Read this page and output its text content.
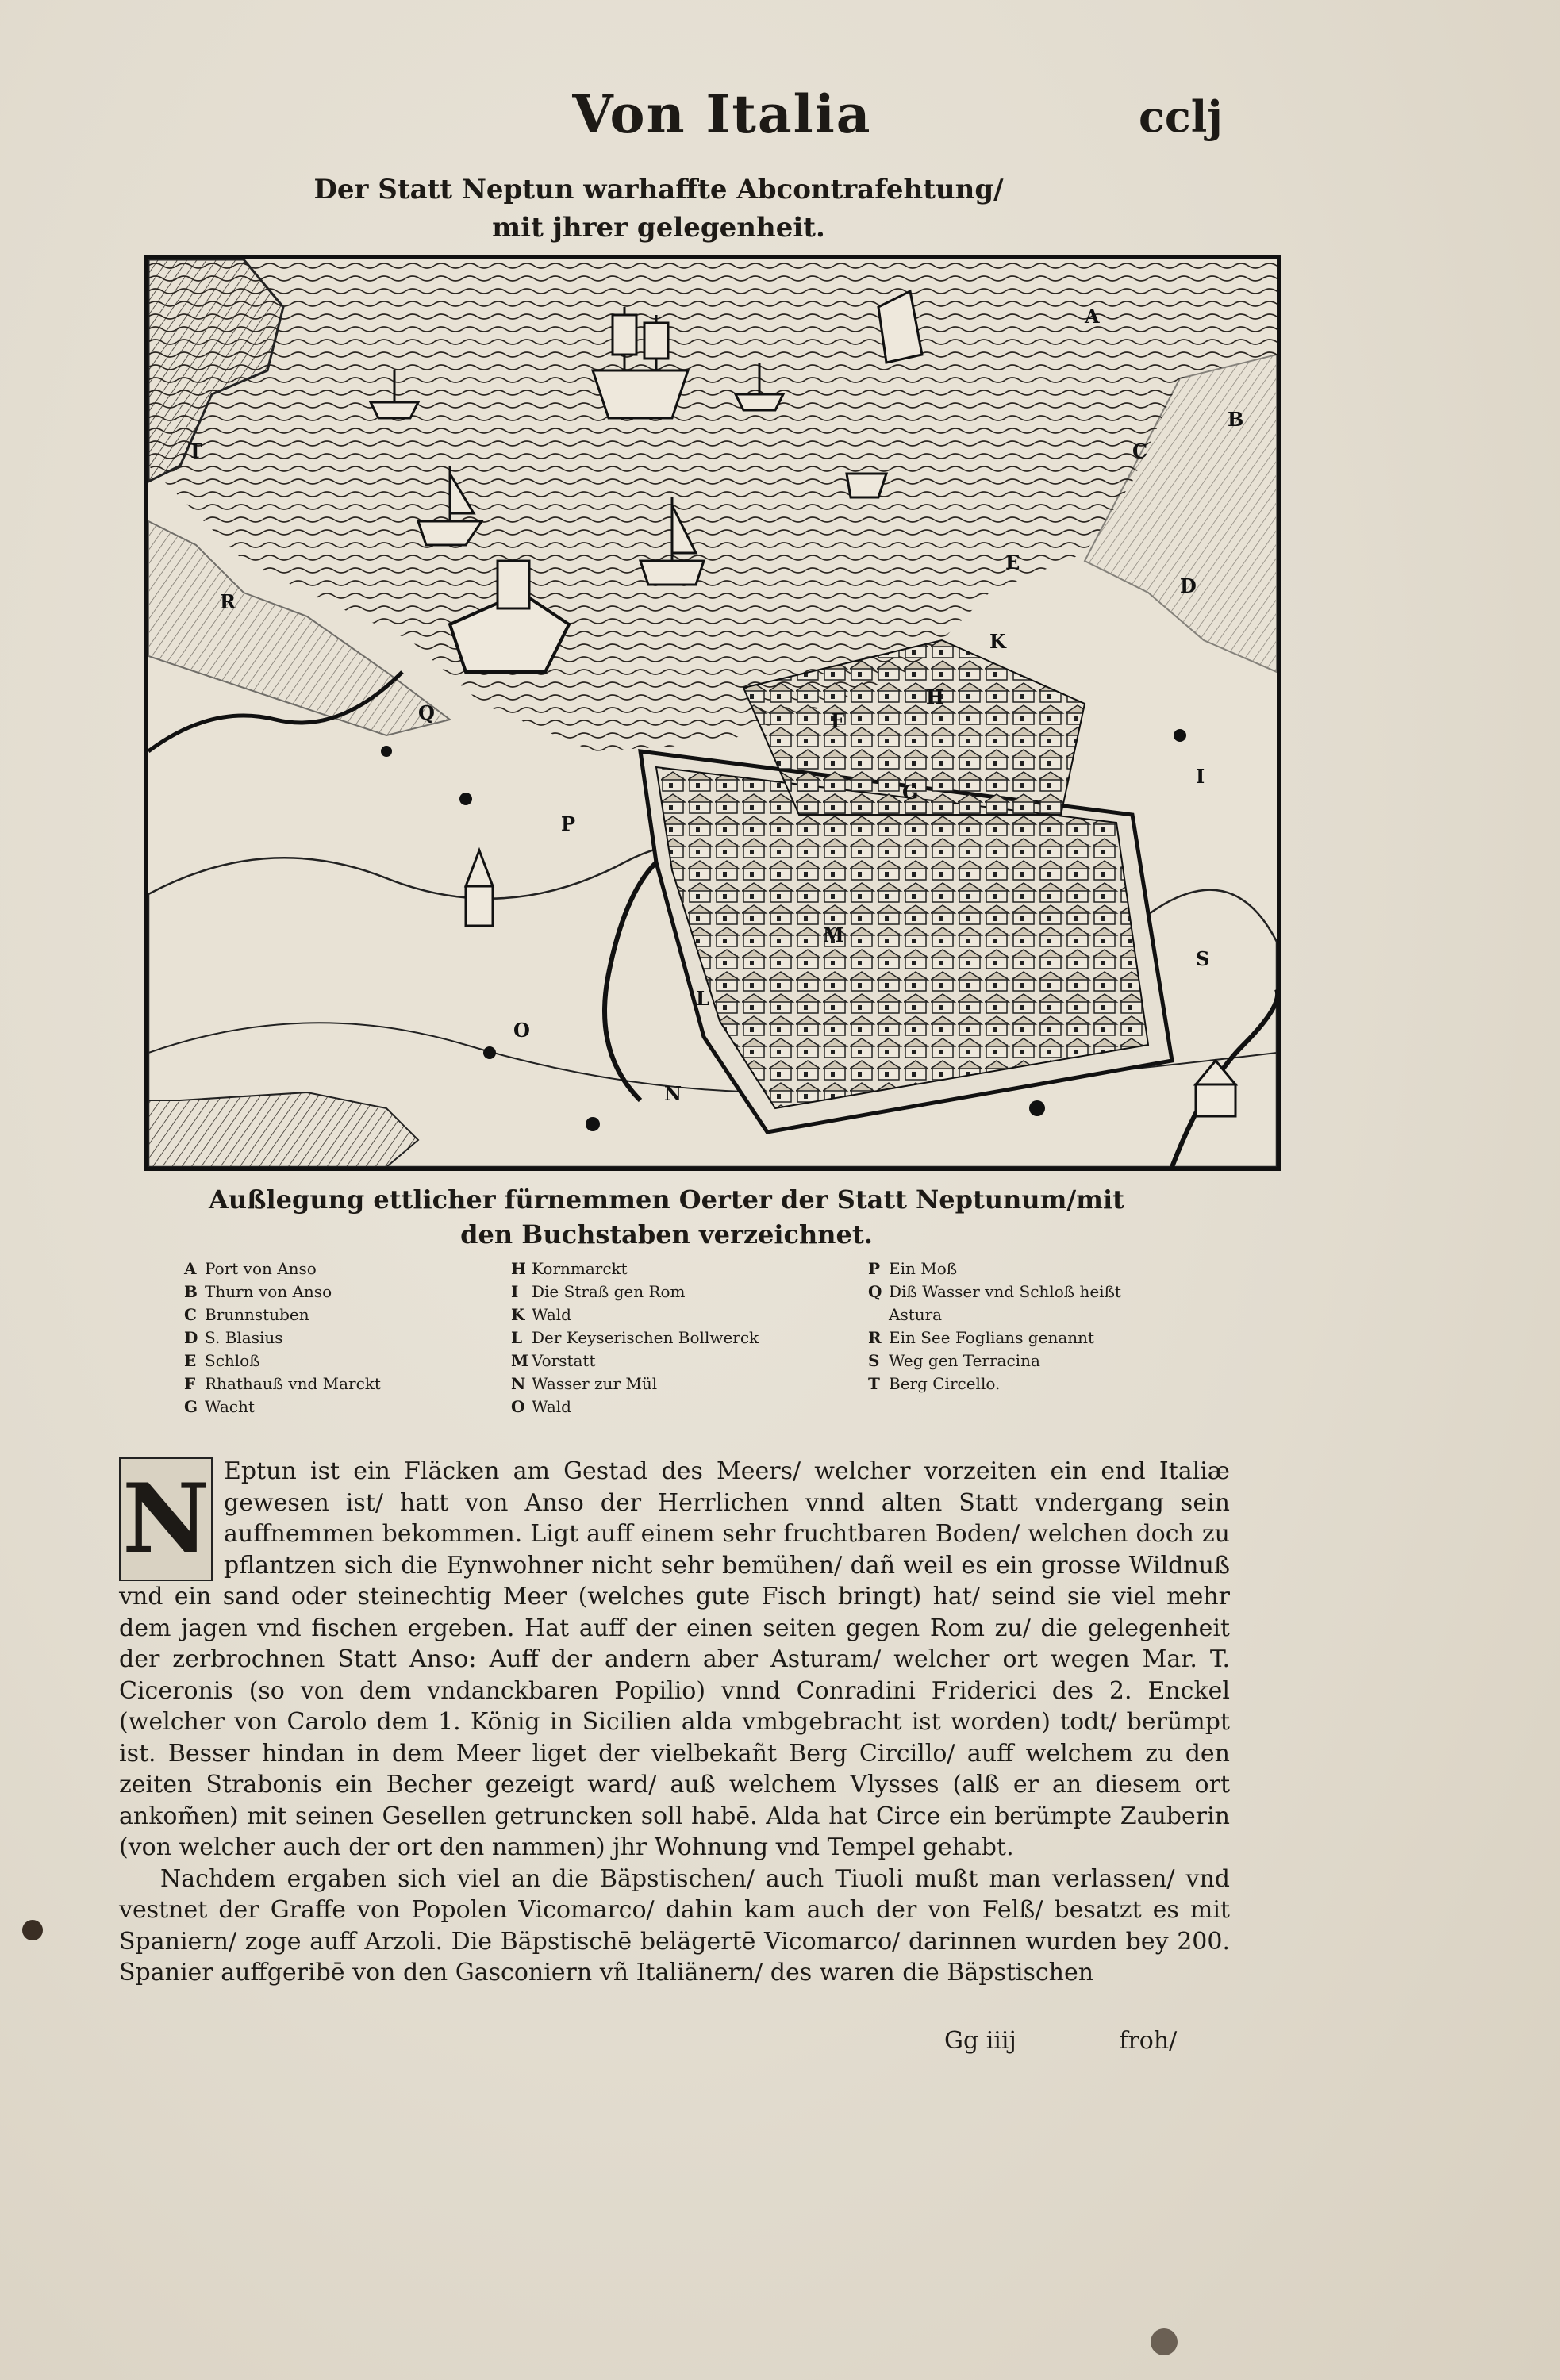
Von Italia	cclj
Der Statt Neptun warhaffte Abcontrafehtung/
mit jhrer gelegenheit.
A
B
C
D
E
F
G
H
I
K
L
M
N
O
P
Q
R
S
T
Außlegung ettlicher fürnemmen Oerter der Statt Neptunum/mit
den Buchstaben verzeichnet.
A Port von Anso
B Thurn von Anso
C Brunnstuben
D S. Blasius
E Schloß
F Rhathauß vnd Marckt
G Wacht
H Kornmarckt
I Die Straß gen Rom
K Wald
L Der Keyserischen Bollwerck
M Vorstatt
N Wasser zur Mül
O Wald
P Ein Moß
Q Diß Wasser vnd Schloß heißt
Astura
R Ein See Foglians genannt
S Weg gen Terracina
T Berg Circello.

N Eptun ist ein Fläcken am Gestad des Meers/ welcher vorzeiten ein end Italiæ gewesen ist/ hatt von Anso der Herrlichen vnnd alten Statt vndergang sein auffnemmen bekommen. Ligt auff einem sehr fruchtbaren Boden/ welchen doch zu pflantzen sich die Eynwohner nicht sehr bemühen/ dañ weil es ein grosse Wildnuß vnd ein sand oder steinechtig Meer (welches gute Fisch bringt) hat/ seind sie viel mehr dem jagen vnd fischen ergeben. Hat auff der einen seiten gegen Rom zu/ die gelegenheit der zerbrochnen Statt Anso: Auff der andern aber Asturam/ welcher ort wegen Mar. T. Ciceronis (so von dem vndanckbaren Popilio) vnnd Conradini Friderici des 2. Enckel (welcher von Carolo dem 1. König in Sicilien alda vmbgebracht ist worden) todt/ berümpt ist. Besser hindan in dem Meer liget der vielbekañt Berg Circillo/ auff welchem zu den zeiten Strabonis ein Becher gezeigt ward/ auß welchem Vlysses (alß er an diesem ort ankom̃en) mit seinen Gesellen getruncken soll habē. Alda hat Circe ein berümpte Zauberin (von welcher auch der ort den nammen) jhr Wohnung vnd Tempel gehabt.

Nachdem ergaben sich viel an die Bäpstischen/ auch Tiuoli mußt man verlassen/ vnd vestnet der Graffe von Popolen Vicomarco/ dahin kam auch der von Felß/ besatzt es mit Spaniern/ zoge auff Arzoli. Die Bäpstischē belägertē Vicomarco/ darinnen wurden bey 200. Spanier auffgeribē von den Gasconiern vñ Italiänern/ des waren die Bäpstischen

Gg iiij	froh/
